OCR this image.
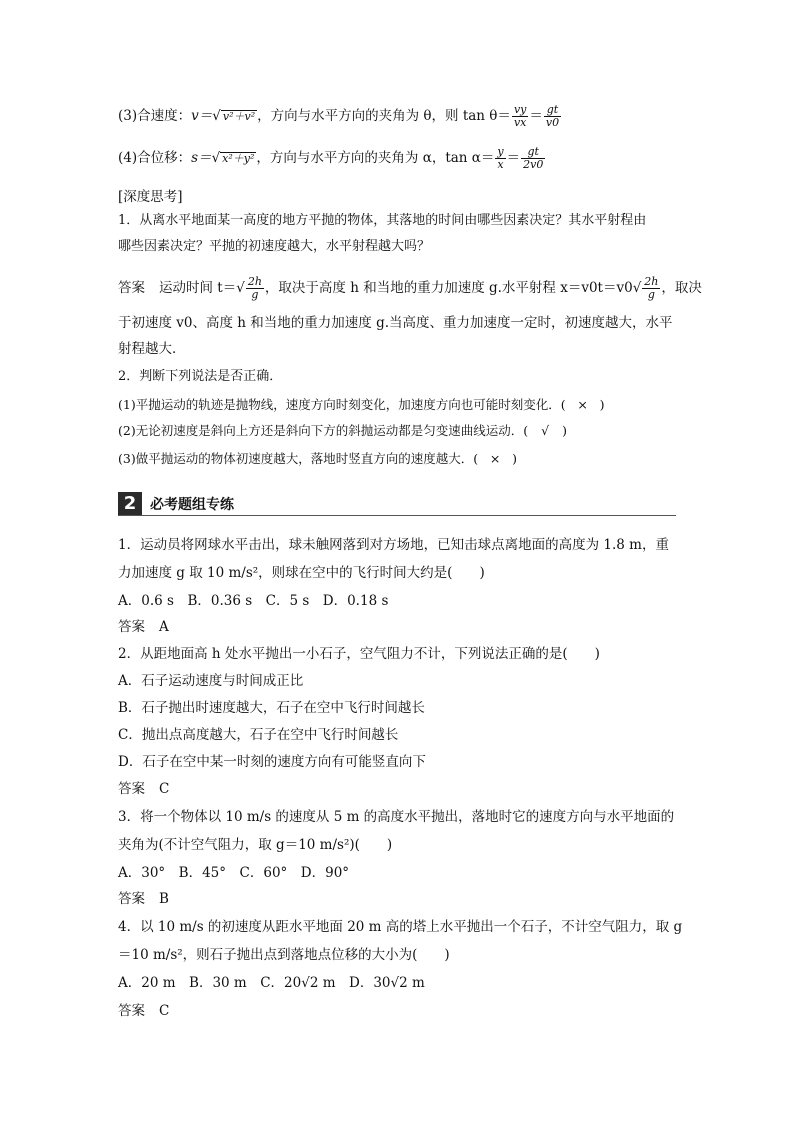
(3)合速度：v＝√ v²＋v² ，方向与水平方向的夹角为 θ，则 $\tan \theta= \frac{vy}{vx} = \frac{gt}{v0}$
(4)合位移：s＝√ x²＋y² ，方向与水平方向的夹角为 α，$\tan \alpha= \frac{y}{x} = \frac{gt}{2v0}$
[深度思考]
1．从离水平地面某一高度的地方平抛的物体，其落地的时间由哪些因素决定？其水平射程由
哪些因素决定？平抛的初速度越大，水平射程越大吗？
答案 运动时间 $t=√ \frac{2h}{g}$ ，取决于高度 h 和当地的重力加速度 g.水平射程 $x=v0t=v0√ \frac{2h}{g}$ ，取决
于初速度 v0、高度 h 和当地的重力加速度 g.当高度、重力加速度一定时，初速度越大，水平
射程越大．
2．判断下列说法是否正确．
(1)平抛运动的轨迹是抛物线，速度方向时刻变化，加速度方向也可能时刻变化．( × )
(2)无论初速度是斜向上方还是斜向下方的斜抛运动都是匀变速曲线运动．( √ )
(3)做平抛运动的物体初速度越大，落地时竖直方向的速度越大．( × )
2 必考题组专练
1．运动员将网球水平击出，球未触网落到对方场地，已知击球点离地面的高度为 1.8 m，重
力加速度 g 取 10 m/s²，则球在空中的飞行时间大约是(　　)
A．0.6 s　B．0.36 s　C．5 s　D．0.18 s
答案 A
2．从距地面高 h 处水平抛出一小石子，空气阻力不计，下列说法正确的是(　　)
A．石子运动速度与时间成正比
B．石子抛出时速度越大，石子在空中飞行时间越长
C．抛出点高度越大，石子在空中飞行时间越长
D．石子在空中某一时刻的速度方向有可能竖直向下
答案 C
3．将一个物体以 10 m/s 的速度从 5 m 的高度水平抛出，落地时它的速度方向与水平地面的
夹角为(不计空气阻力，取 g＝10 m/s²)(　　)
A．30°　B．45°　C．60°　D．90°
答案 B
4．以 10 m/s 的初速度从距水平地面 20 m 高的塔上水平抛出一个石子，不计空气阻力，取 g
＝10 m/s²，则石子抛出点到落地点位移的大小为(　　)
A．20 m　B．30 m　C．20√2 m　D．30√2 m
答案 C
